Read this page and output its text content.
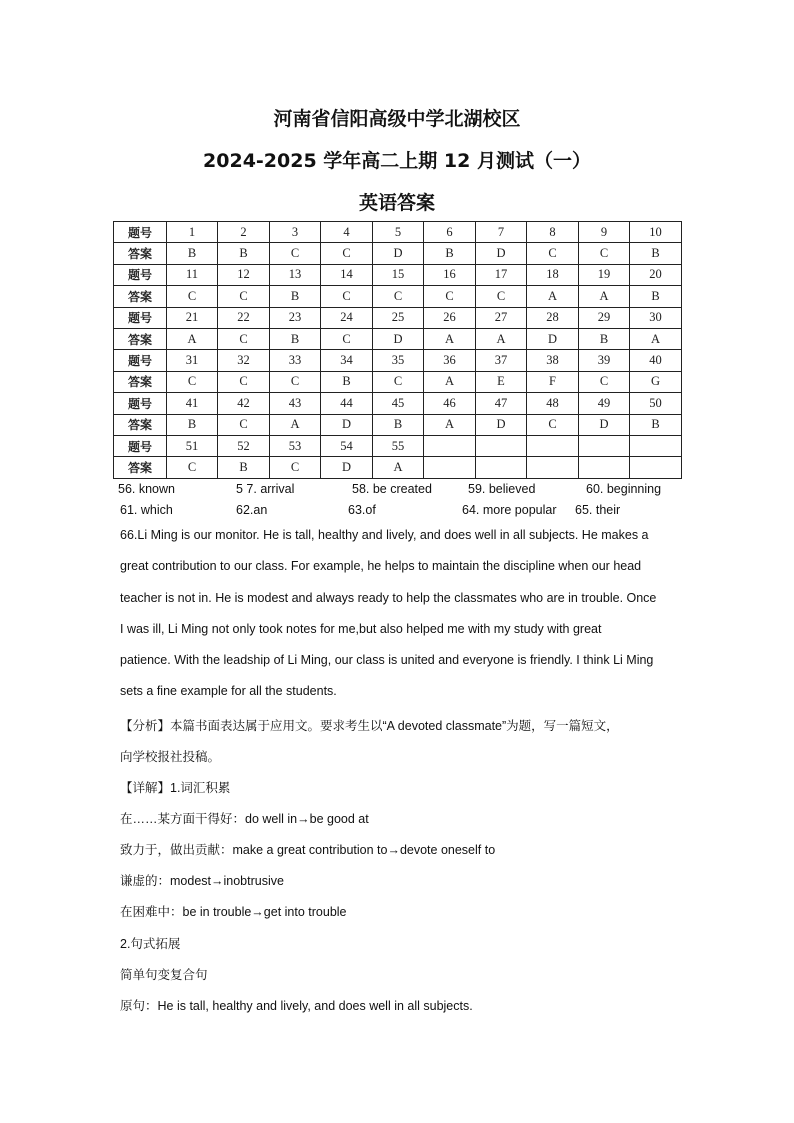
河南省信阳高级中学北湖校区
2024-2025 学年高二上期 12 月测试（一）
英语答案
题号	1	2	3	4	5	6	7	8	9	10
答案	B	B	C	C	D	B	D	C	C	B
题号	11	12	13	14	15	16	17	18	19	20
答案	C	C	B	C	C	C	C	A	A	B
题号	21	22	23	24	25	26	27	28	29	30
答案	A	C	B	C	D	A	A	D	B	A
题号	31	32	33	34	35	36	37	38	39	40
答案	C	C	C	B	C	A	E	F	C	G
题号	41	42	43	44	45	46	47	48	49	50
答案	B	C	A	D	B	A	D	C	D	B
题号	51	52	53	54	55					
答案	C	B	C	D	A					
56. known	5 7. arrival	58. be created	59. believed	60. beginning
61. which	62.an	63.of	64. more popular 65. their
66.Li Ming is our monitor. He is tall, healthy and lively, and does well in all subjects. He makes a
great contribution to our class. For example, he helps to maintain the discipline when our head
teacher is not in. He is modest and always ready to help the classmates who are in trouble. Once
I was ill, Li Ming not only took notes for me,but also helped me with my study with great
patience. With the leadship of Li Ming, our class is united and everyone is friendly. I think Li Ming
sets a fine example for all the students.
【分析】本篇书面表达属于应用文。要求考生以“A devoted classmate”为题，写一篇短文，
向学校报社投稿。
【详解】1.词汇积累
在……某方面干得好：do well in→be good at
致力于，做出贡献：make a great contribution to→devote oneself to
谦虚的：modest→inobtrusive
在困难中：be in trouble→get into trouble
2.句式拓展
简单句变复合句
原句：He is tall, healthy and lively, and does well in all subjects.
